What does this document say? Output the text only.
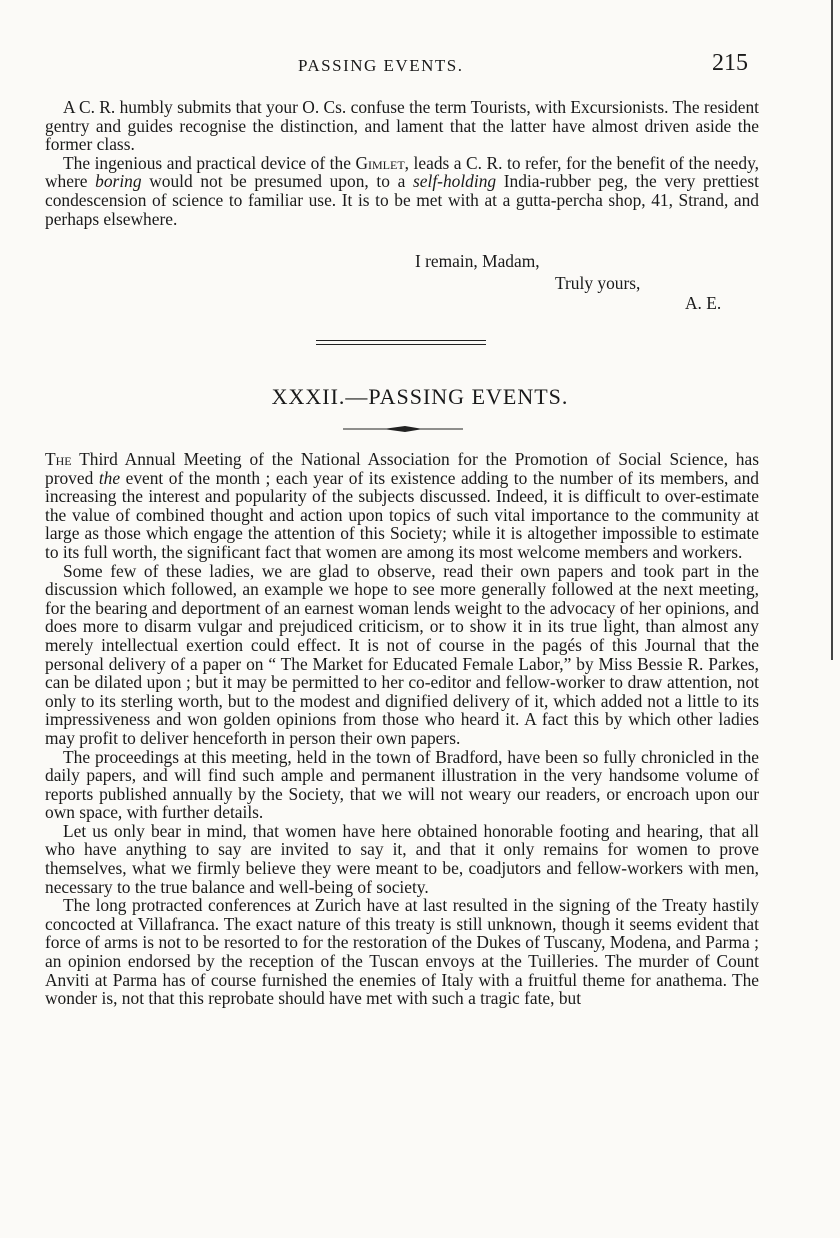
PASSING EVENTS.	215

A C. R. humbly submits that your O. Cs. confuse the term Tourists, with Excursionists. The resident gentry and guides recognise the distinction, and lament that the latter have almost driven aside the former class.

The ingenious and practical device of the Gimlet, leads a C. R. to refer, for the benefit of the needy, where boring would not be presumed upon, to a self-holding India-rubber peg, the very prettiest condescension of science to familiar use. It is to be met with at a gutta-percha shop, 41, Strand, and perhaps elsewhere.

I remain, Madam,
Truly yours,
A. E.
XXXII.—PASSING EVENTS.

The Third Annual Meeting of the National Association for the Promotion of Social Science, has proved the event of the month ; each year of its existence adding to the number of its members, and increasing the interest and popularity of the subjects discussed. Indeed, it is difficult to over-estimate the value of combined thought and action upon topics of such vital importance to the community at large as those which engage the attention of this Society; while it is altogether impossible to estimate to its full worth, the significant fact that women are among its most welcome members and workers.

Some few of these ladies, we are glad to observe, read their own papers and took part in the discussion which followed, an example we hope to see more generally followed at the next meeting, for the bearing and deportment of an earnest woman lends weight to the advocacy of her opinions, and does more to disarm vulgar and prejudiced criticism, or to show it in its true light, than almost any merely intellectual exertion could effect. It is not of course in the pagés of this Journal that the personal delivery of a paper on “ The Market for Educated Female Labor,” by Miss Bessie R. Parkes, can be dilated upon ; but it may be permitted to her co-editor and fellow-worker to draw attention, not only to its sterling worth, but to the modest and dignified delivery of it, which added not a little to its impressiveness and won golden opinions from those who heard it. A fact this by which other ladies may profit to deliver henceforth in person their own papers.

The proceedings at this meeting, held in the town of Bradford, have been so fully chronicled in the daily papers, and will find such ample and permanent illustration in the very handsome volume of reports published annually by the Society, that we will not weary our readers, or encroach upon our own space, with further details.

Let us only bear in mind, that women have here obtained honorable footing and hearing, that all who have anything to say are invited to say it, and that it only remains for women to prove themselves, what we firmly believe they were meant to be, coadjutors and fellow-workers with men, necessary to the true balance and well-being of society.

The long protracted conferences at Zurich have at last resulted in the signing of the Treaty hastily concocted at Villafranca. The exact nature of this treaty is still unknown, though it seems evident that force of arms is not to be resorted to for the restoration of the Dukes of Tuscany, Modena, and Parma ; an opinion endorsed by the reception of the Tuscan envoys at the Tuilleries. The murder of Count Anviti at Parma has of course furnished the enemies of Italy with a fruitful theme for anathema. The wonder is, not that this reprobate should have met with such a tragic fate, but
